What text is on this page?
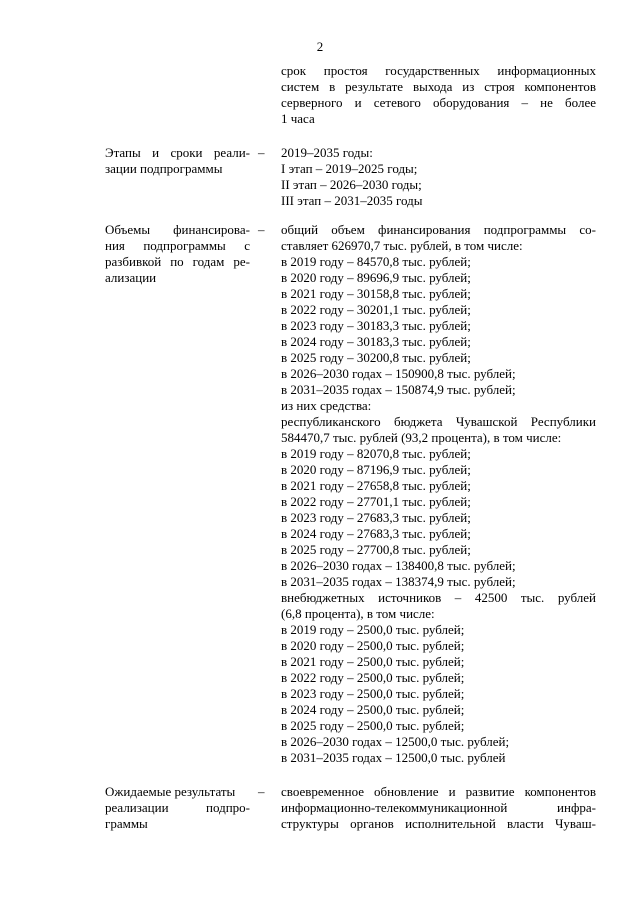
2
срок простоя государственных информационных
систем в результате выхода из строя компонентов
серверного и сетевого оборудования – не более
1 часа
Этапы и сроки реали-
зации подпрограммы
– 2019–2035 годы:
I этап – 2019–2025 годы;
II этап – 2026–2030 годы;
III этап – 2031–2035 годы
Объемы финансирова-
ния подпрограммы с
разбивкой по годам ре-
ализации
– общий объем финансирования подпрограммы со-
ставляет 626970,7 тыс. рублей, в том числе:
в 2019 году – 84570,8 тыс. рублей;
в 2020 году – 89696,9 тыс. рублей;
в 2021 году – 30158,8 тыс. рублей;
в 2022 году – 30201,1 тыс. рублей;
в 2023 году – 30183,3 тыс. рублей;
в 2024 году – 30183,3 тыс. рублей;
в 2025 году – 30200,8 тыс. рублей;
в 2026–2030 годах – 150900,8 тыс. рублей;
в 2031–2035 годах – 150874,9 тыс. рублей;
из них средства:
республиканского бюджета Чувашской Республики
584470,7 тыс. рублей (93,2 процента), в том числе:
в 2019 году – 82070,8 тыс. рублей;
в 2020 году – 87196,9 тыс. рублей;
в 2021 году – 27658,8 тыс. рублей;
в 2022 году – 27701,1 тыс. рублей;
в 2023 году – 27683,3 тыс. рублей;
в 2024 году – 27683,3 тыс. рублей;
в 2025 году – 27700,8 тыс. рублей;
в 2026–2030 годах – 138400,8 тыс. рублей;
в 2031–2035 годах – 138374,9 тыс. рублей;
внебюджетных источников – 42500 тыс. рублей
(6,8 процента), в том числе:
в 2019 году – 2500,0 тыс. рублей;
в 2020 году – 2500,0 тыс. рублей;
в 2021 году – 2500,0 тыс. рублей;
в 2022 году – 2500,0 тыс. рублей;
в 2023 году – 2500,0 тыс. рублей;
в 2024 году – 2500,0 тыс. рублей;
в 2025 году – 2500,0 тыс. рублей;
в 2026–2030 годах – 12500,0 тыс. рублей;
в 2031–2035 годах – 12500,0 тыс. рублей
Ожидаемые результаты
реализации подпро-
граммы
– своевременное обновление и развитие компонентов
информационно-телекоммуникационной инфра-
структуры органов исполнительной власти Чуваш-
